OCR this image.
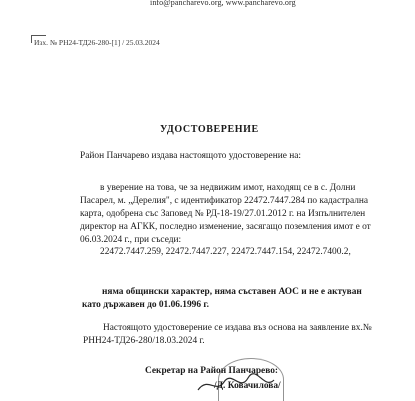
info@pancharevo.org, www.pancharevo.org
Изх. № РН24-ТД26-280-[1] / 25.03.2024
УДОСТОВЕРЕНИЕ
Район Панчарево издава настоящото удостоверение на:
в уверение на това, че за недвижим имот, находящ се в с. Долни
Пасарел, м. „Дерелия", с идентификатор 22472.7447.284 по кадастрална
карта, одобрена със Заповед № РД-18-19/27.01.2012 г. на Изпълнителен
директор на АГКК, последно изменение, засягащо поземления имот е от
06.03.2024 г., при съседи:
22472.7447.259, 22472.7447.227, 22472.7447.154, 22472.7400.2,
няма общински характер, няма съставен АОС и не е актуван
като държавен до 01.06.1996 г.
Настоящото удостоверение се издава въз основа на заявление вх.№
РНН24-ТД26-280/18.03.2024 г.
Секретар на Район Панчарево:
/Д. Ковачилова/
